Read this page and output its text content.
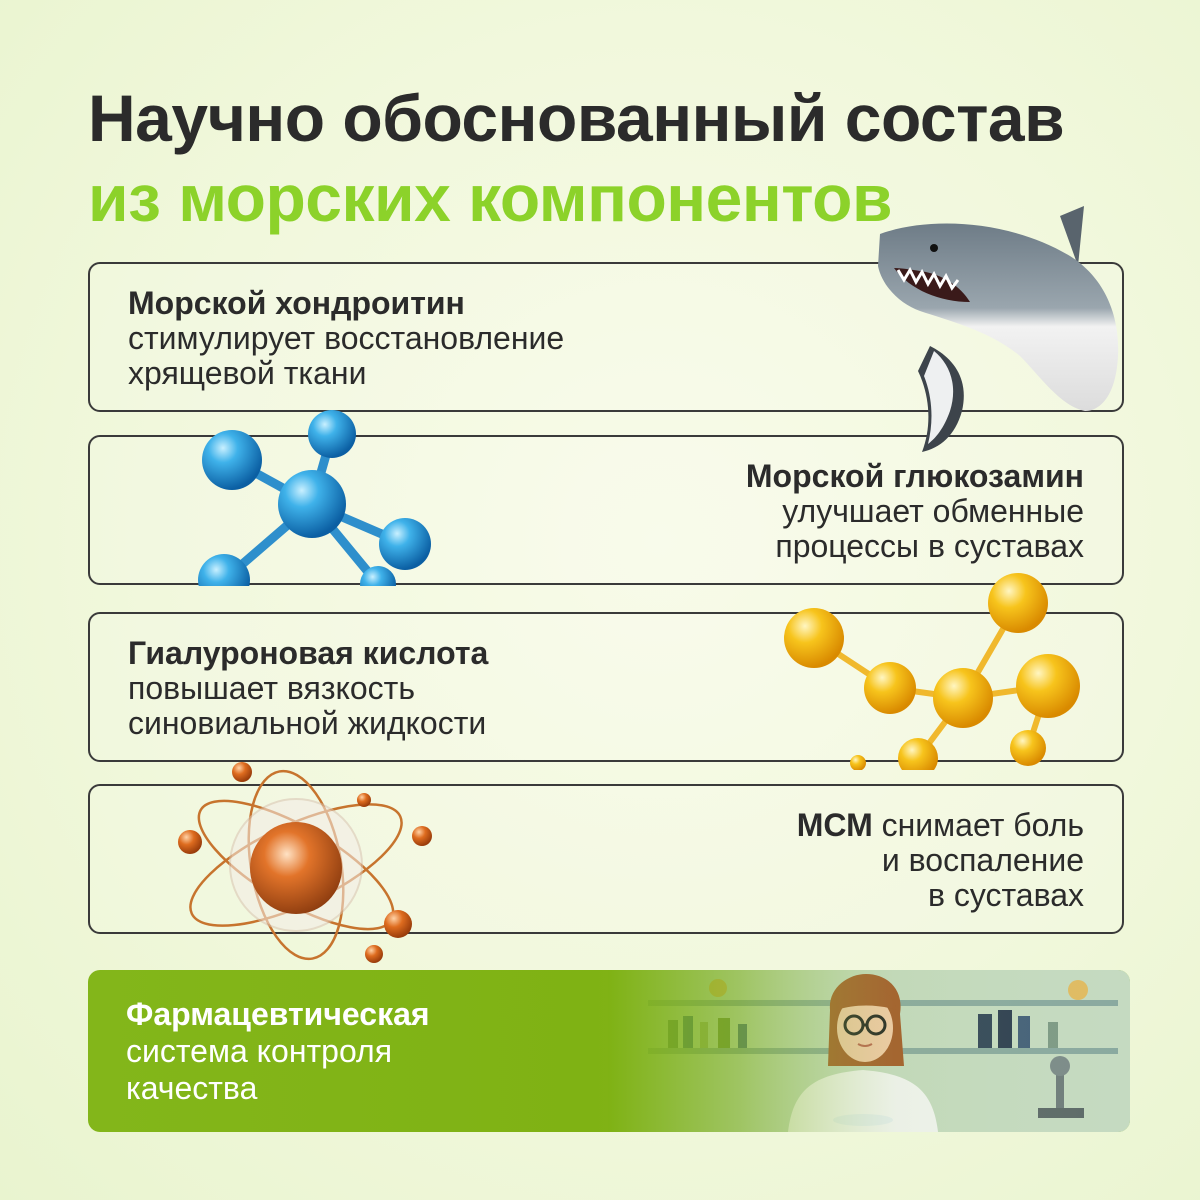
Научно обоснованный состав
из морских компонентов
Морской хондроитин
стимулирует восстановление
хрящевой ткани
Морской глюкозамин
улучшает обменные
процессы в суставах
Гиалуроновая кислота
повышает вязкость
синовиальной жидкости
МСМ снимает боль
и воспаление
в суставах
Фармацевтическая
система контроля
качества
